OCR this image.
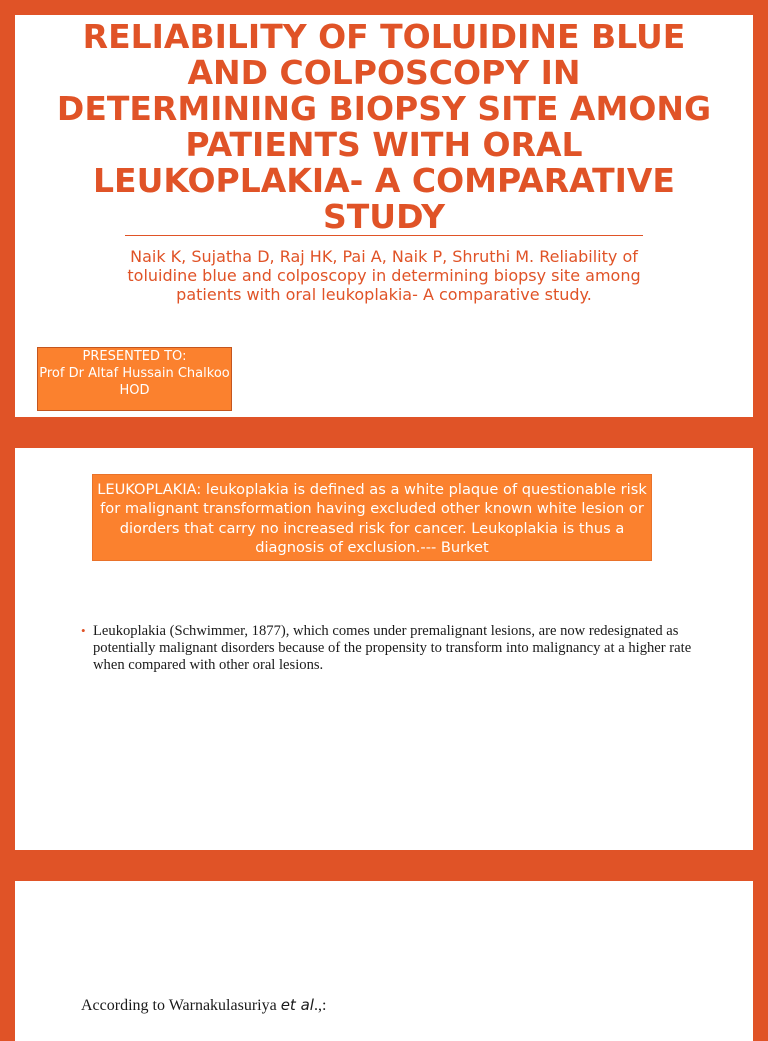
RELIABILITY OF TOLUIDINE BLUE AND COLPOSCOPY IN DETERMINING BIOPSY SITE AMONG PATIENTS WITH ORAL LEUKOPLAKIA- A COMPARATIVE STUDY

Naik K, Sujatha D, Raj HK, Pai A, Naik P, Shruthi M. Reliability of toluidine blue and colposcopy in determining biopsy site among patients with oral leukoplakia- A comparative study.

PRESENTED TO:
Prof Dr Altaf Hussain Chalkoo
HOD
LEUKOPLAKIA: leukoplakia is defined as a white plaque of questionable risk for malignant transformation having excluded other known white lesion or diorders that carry no increased risk for cancer. Leukoplakia is thus a diagnosis of exclusion.--- Burket
• Leukoplakia (Schwimmer, 1877), which comes under premalignant lesions, are now redesignated as potentially malignant disorders because of the propensity to transform into malignancy at a higher rate when compared with other oral lesions.

According to Warnakulasuriya et al.,:
